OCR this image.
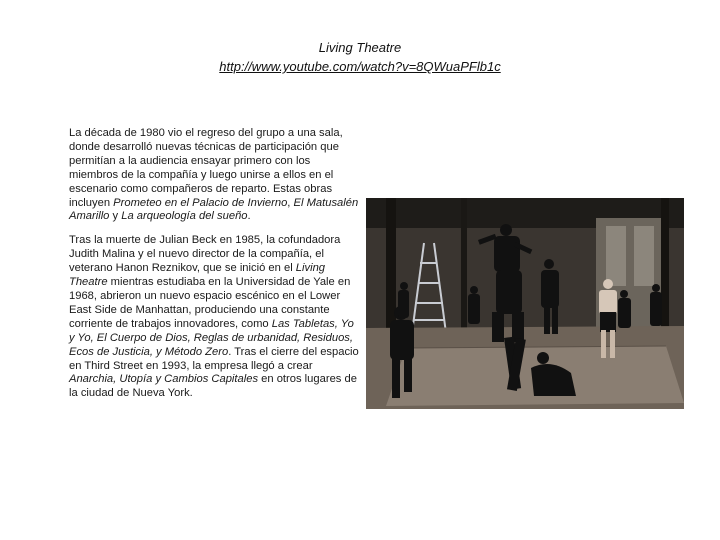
Living Theatre
http://www.youtube.com/watch?v=8QWuaPFlb1c

La década de 1980 vio el regreso del grupo a una sala, donde desarrolló nuevas técnicas de participación que permitían a la audiencia ensayar primero con los miembros de la compañía y luego unirse a ellos en el escenario como compañeros de reparto. Estas obras incluyen Prometeo en el Palacio de Invierno, El Matusalén Amarillo y La arqueología del sueño.

Tras la muerte de Julian Beck en 1985, la cofundadora Judith Malina y el nuevo director de la compañía, el veterano Hanon Reznikov, que se inició en el Living Theatre mientras estudiaba en la Universidad de Yale en 1968, abrieron un nuevo espacio escénico en el Lower East Side de Manhattan, produciendo una constante corriente de trabajos innovadores, como Las Tabletas, Yo y Yo, El Cuerpo de Dios, Reglas de urbanidad, Residuos, Ecos de Justicia, y Método Zero. Tras el cierre del espacio en Third Street en 1993, la empresa llegó a crear Anarchia, Utopía y Cambios Capitales en otros lugares de la ciudad de Nueva York.
